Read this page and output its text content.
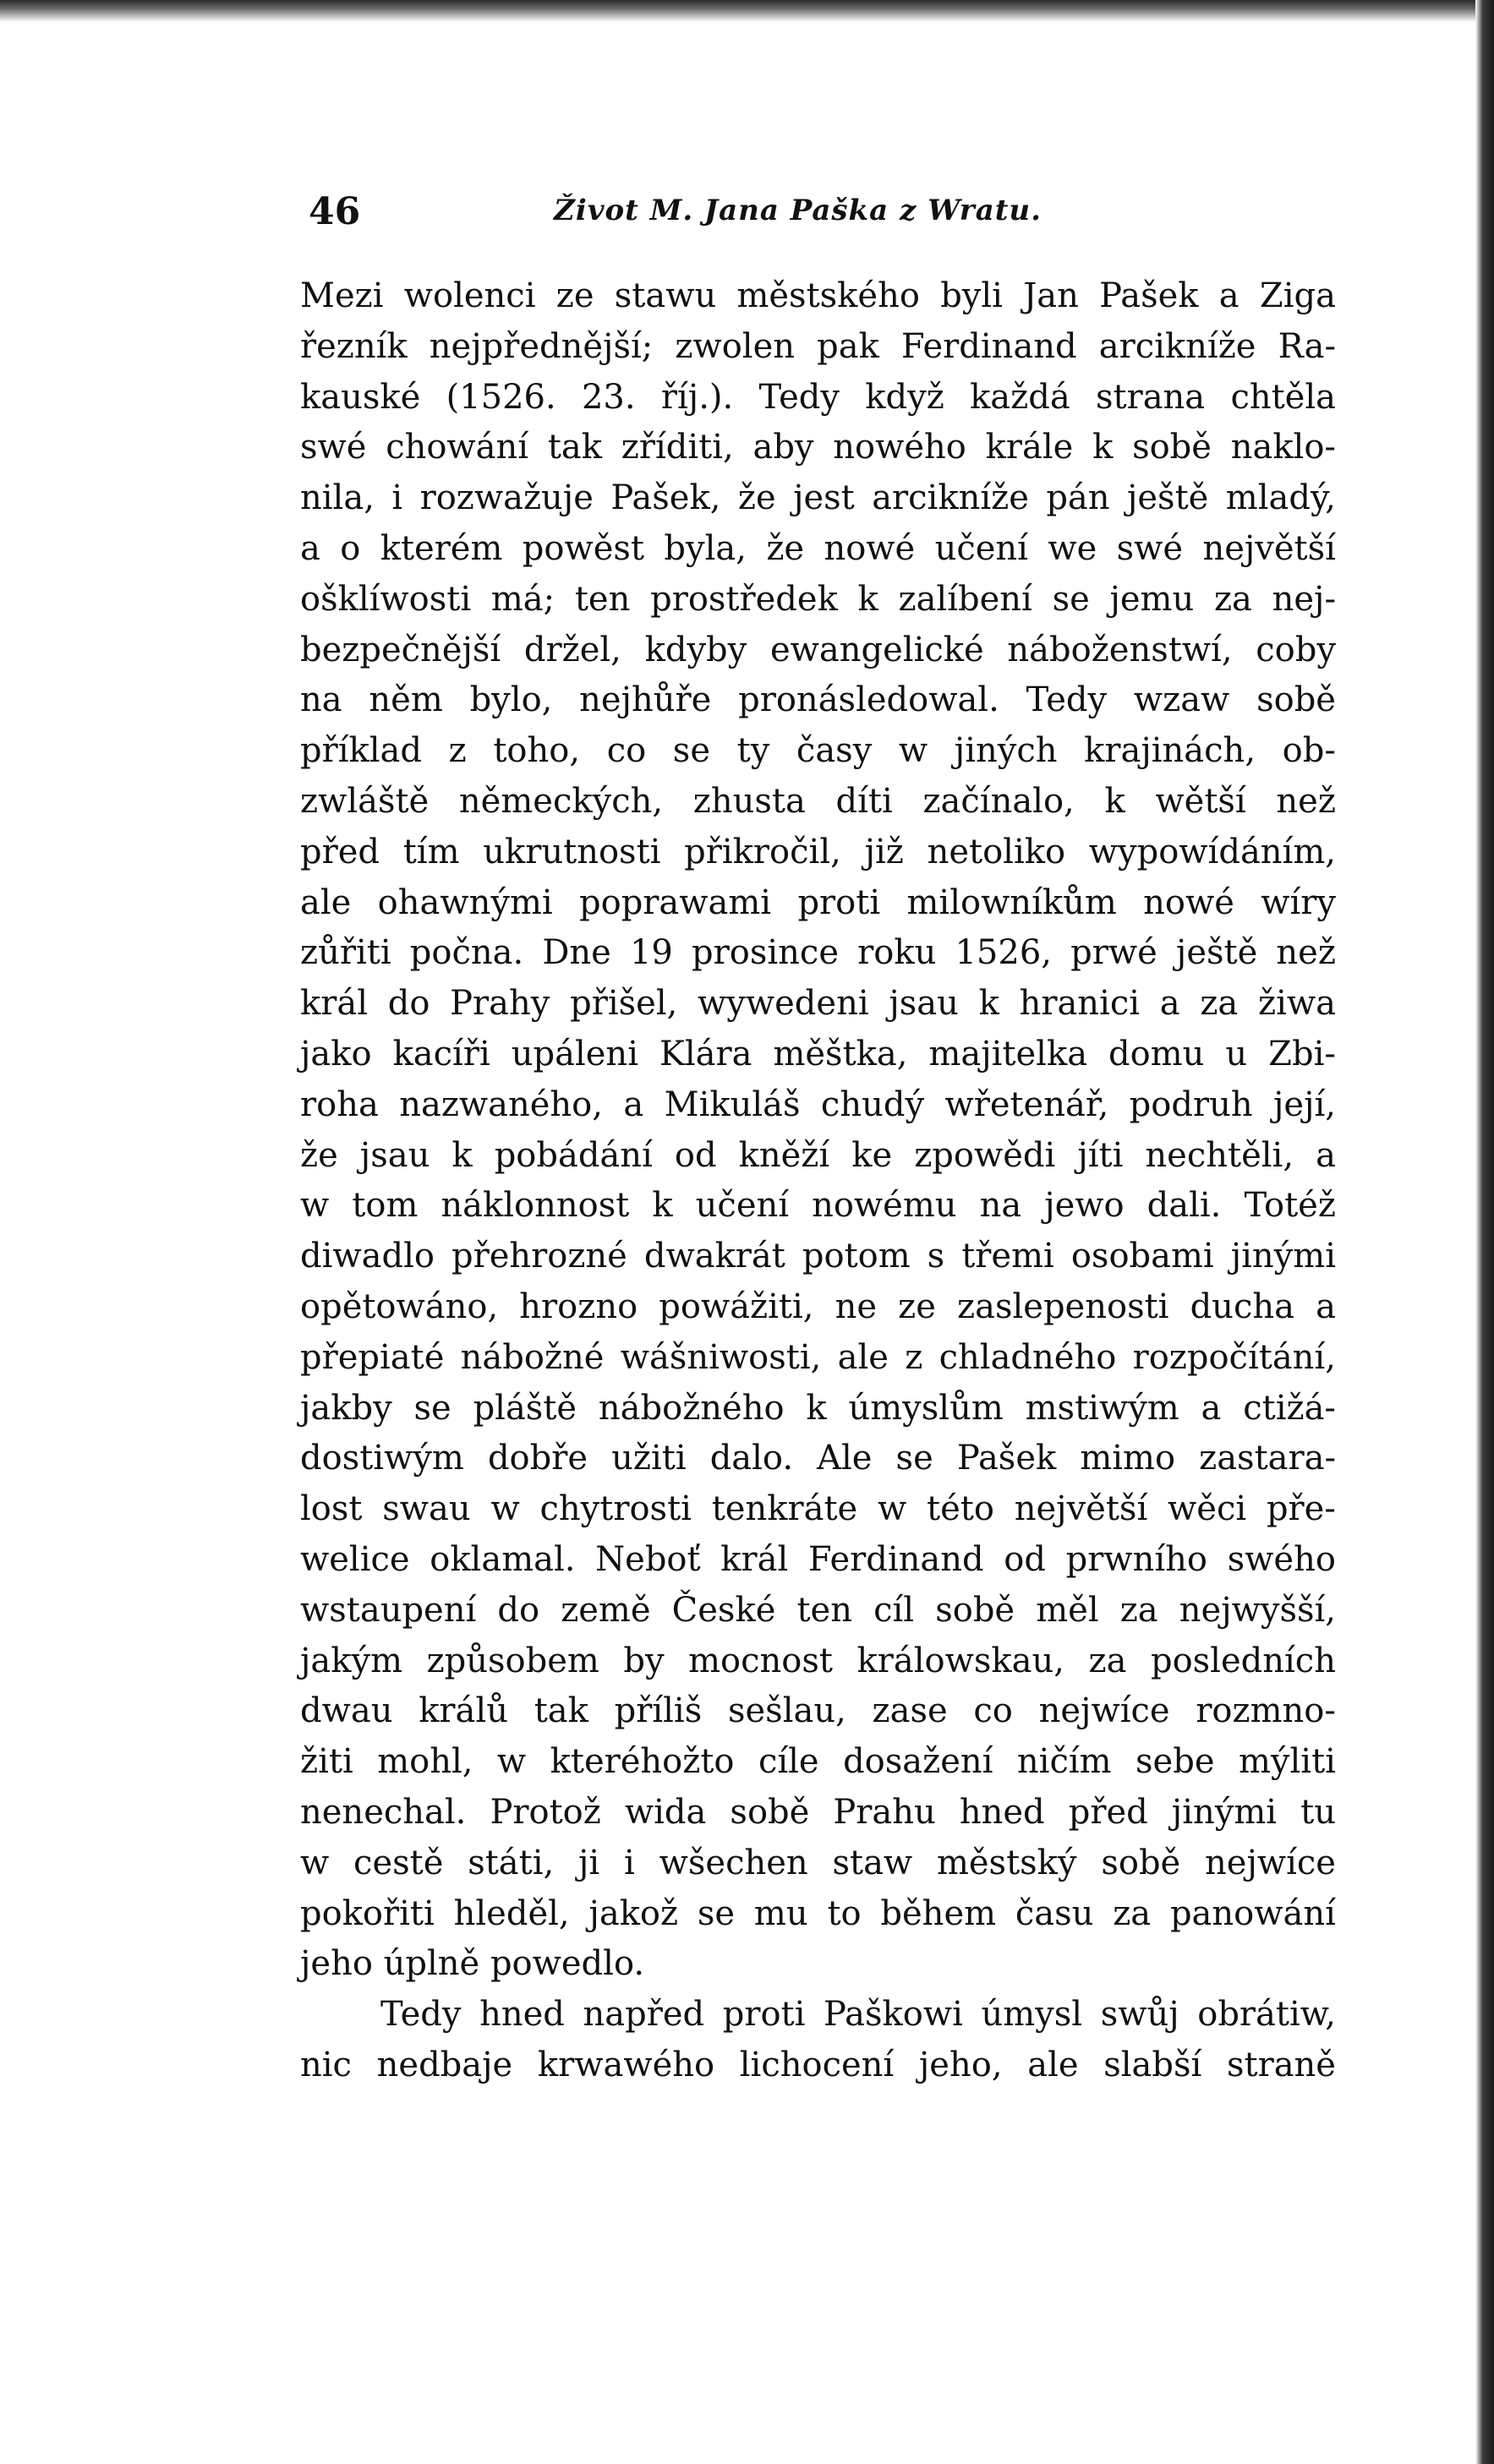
46	Život M. Jana Paška z Wratu.
Mezi wolenci ze stawu městského byli Jan Pašek a Ziga
řezník nejpřednější; zwolen pak Ferdinand arcikníže Ra-
kauské (1526. 23. říj.). Tedy když každá strana chtěla
swé chowání tak zříditi, aby nowého krále k sobě naklo-
nila, i rozwažuje Pašek, že jest arcikníže pán ještě mladý,
a o kterém powěst byla, že nowé učení we swé největší
ošklíwosti má; ten prostředek k zalíbení se jemu za nej-
bezpečnější držel, kdyby ewangelické náboženstwí, coby
na něm bylo, nejhůře pronásledowal. Tedy wzaw sobě
příklad z toho, co se ty časy w jiných krajinách, ob-
zwláště německých, zhusta díti začínalo, k wětší než
před tím ukrutnosti přikročil, již netoliko wypowídáním,
ale ohawnými poprawami proti milowníkům nowé wíry
zůřiti počna. Dne 19 prosince roku 1526, prwé ještě než
král do Prahy přišel, wywedeni jsau k hranici a za žiwa
jako kacíři upáleni Klára měštka, majitelka domu u Zbi-
roha nazwaného, a Mikuláš chudý wřetenář, podruh její,
že jsau k pobádání od kněží ke zpowědi jíti nechtěli, a
w tom náklonnost k učení nowému na jewo dali. Totéž
diwadlo přehrozné dwakrát potom s třemi osobami jinými
opětowáno, hrozno powážiti, ne ze zaslepenosti ducha a
přepiaté nábožné wášniwosti, ale z chladného rozpočítání,
jakby se pláště nábožného k úmyslům mstiwým a ctižá-
dostiwým dobře užiti dalo. Ale se Pašek mimo zastara-
lost swau w chytrosti tenkráte w této největší wěci pře-
welice oklamal. Neboť král Ferdinand od prwního swého
wstaupení do země České ten cíl sobě měl za nejwyšší,
jakým způsobem by mocnost králowskau, za posledních
dwau králů tak příliš sešlau, zase co nejwíce rozmno-
žiti mohl, w kteréhožto cíle dosažení ničím sebe mýliti
nenechal. Protož wida sobě Prahu hned před jinými tu
w cestě státi, ji i wšechen staw městský sobě nejwíce
pokořiti hleděl, jakož se mu to během času za panowání
jeho úplně powedlo.
Tedy hned napřed proti Paškowi úmysl swůj obrátiw,
nic nedbaje krwawého lichocení jeho, ale slabší straně
